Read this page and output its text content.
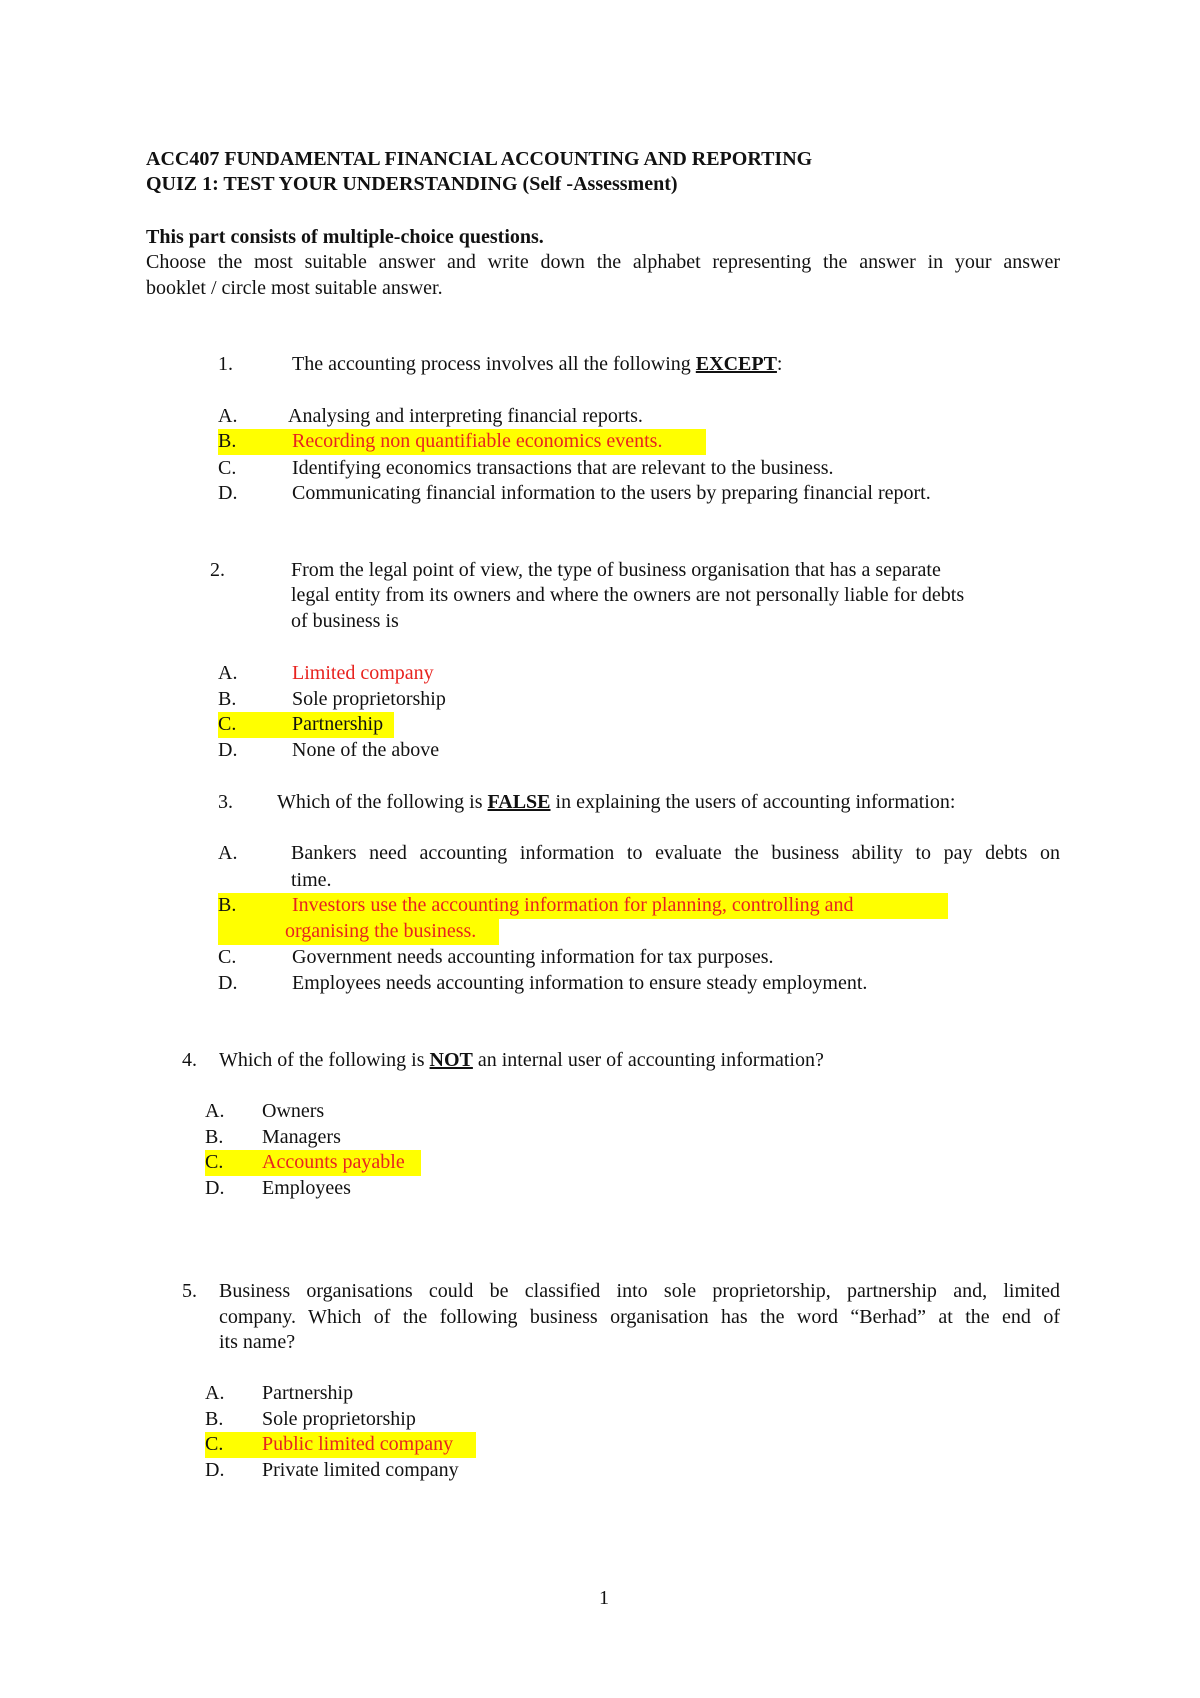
ACC407 FUNDAMENTAL FINANCIAL ACCOUNTING AND REPORTING
QUIZ 1: TEST YOUR UNDERSTANDING (Self -Assessment)
This part consists of multiple-choice questions.
Choose the most suitable answer and write down the alphabet representing the answer in your answer
booklet / circle most suitable answer.
1.	The accounting process involves all the following EXCEPT:
A.	Analysing and interpreting financial reports.
B.	Recording non quantifiable economics events.
C.	Identifying economics transactions that are relevant to the business.
D.	Communicating financial information to the users by preparing financial report.
2.	From the legal point of view, the type of business organisation that has a separate
legal entity from its owners and where the owners are not personally liable for debts
of business is
A.	Limited company
B.	Sole proprietorship
C.	Partnership
D.	None of the above
3. Which of the following is FALSE in explaining the users of accounting information:
A.	Bankers need accounting information to evaluate the business ability to pay debts on
time.
B.	Investors use the accounting information for planning, controlling and
organising the business.
C.	Government needs accounting information for tax purposes.
D.	Employees needs accounting information to ensure steady employment.
4. Which of the following is NOT an internal user of accounting information?
A. Owners
B. Managers
C. Accounts payable
D. Employees
5. Business organisations could be classified into sole proprietorship, partnership and, limited
company. Which of the following business organisation has the word “Berhad” at the end of
its name?
A. Partnership
B. Sole proprietorship
C. Public limited company
D. Private limited company
1
